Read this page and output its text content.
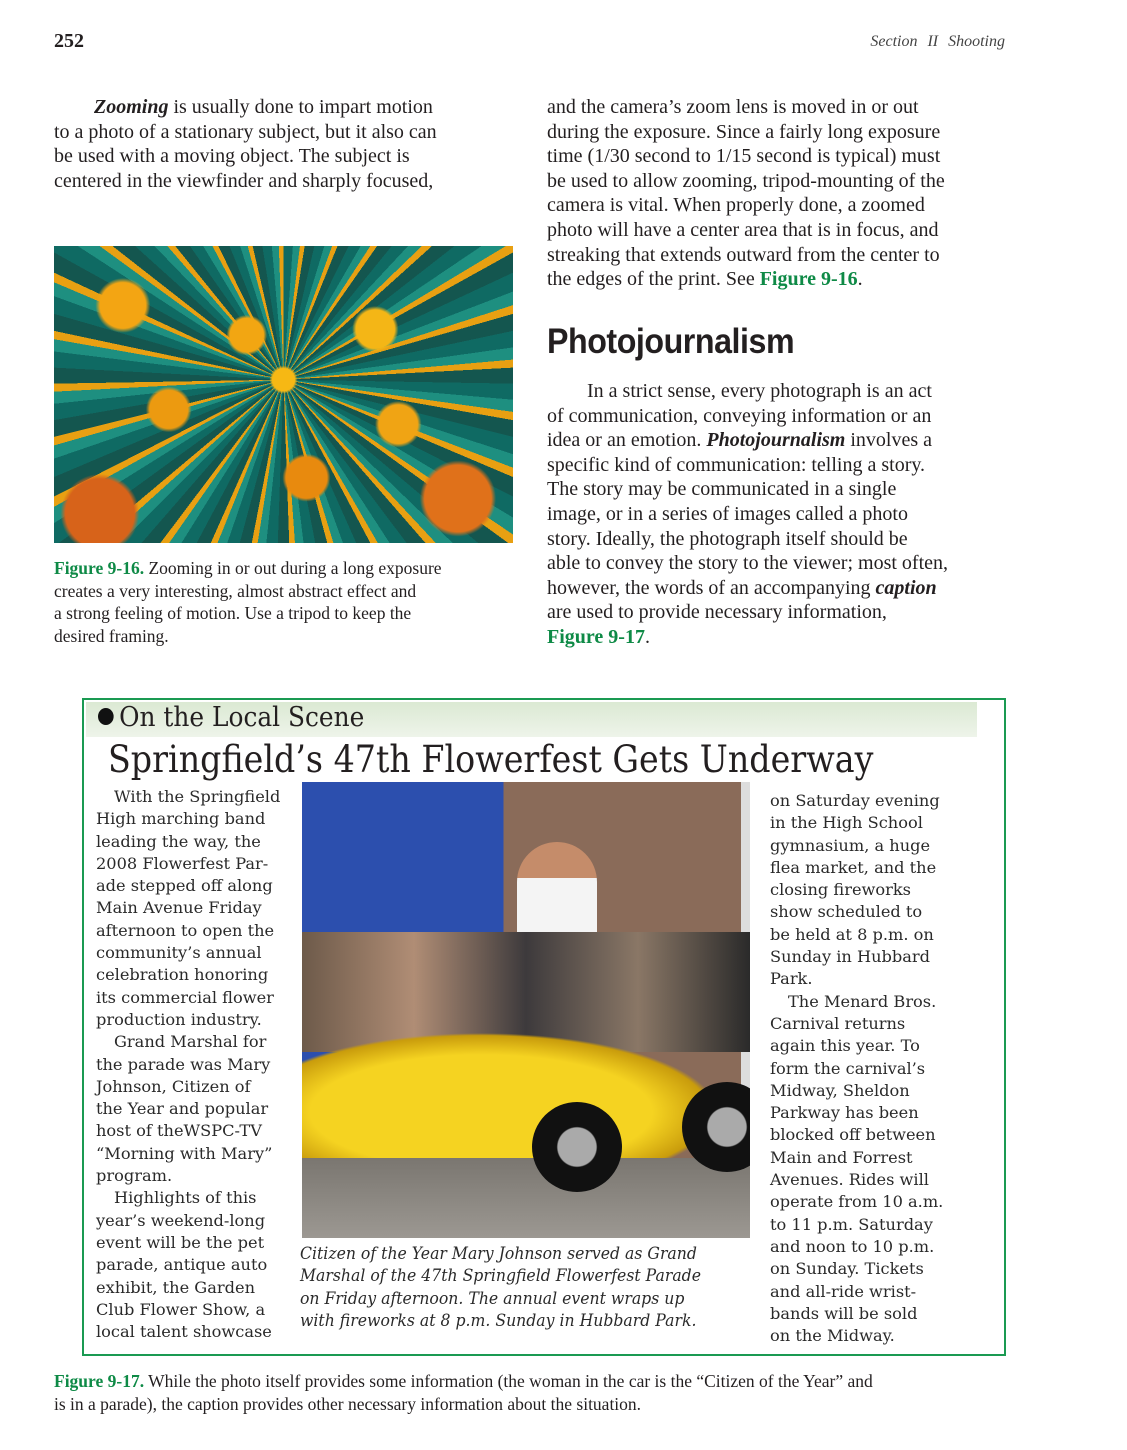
252	Section II Shooting
Zooming is usually done to impart motion
to a photo of a stationary subject, but it also can
be used with a moving object. The subject is
centered in the viewfinder and sharply focused,
and the camera’s zoom lens is moved in or out
during the exposure. Since a fairly long exposure
time (1/30 second to 1/15 second is typical) must
be used to allow zooming, tripod-mounting of the
camera is vital. When properly done, a zoomed
photo will have a center area that is in focus, and
streaking that extends outward from the center to
the edges of the print. See Figure 9-16.
Figure 9-16. Zooming in or out during a long exposure
creates a very interesting, almost abstract effect and
a strong feeling of motion. Use a tripod to keep the
desired framing.
Photojournalism
In a strict sense, every photograph is an act
of communication, conveying information or an
idea or an emotion. Photojournalism involves a
specific kind of communication: telling a story.
The story may be communicated in a single
image, or in a series of images called a photo
story. Ideally, the photograph itself should be
able to convey the story to the viewer; most often,
however, the words of an accompanying caption
are used to provide necessary information,
Figure 9-17.
On the Local Scene
Springfield’s 47th Flowerfest Gets Underway
With the Springfield
High marching band
leading the way, the
2008 Flowerfest Par-
ade stepped off along
Main Avenue Friday
afternoon to open the
community’s annual
celebration honoring
its commercial flower
production industry.
Grand Marshal for
the parade was Mary
Johnson, Citizen of
the Year and popular
host of theWSPC-TV
“Morning with Mary”
program.
Highlights of this
year’s weekend-long
event will be the pet
parade, antique auto
exhibit, the Garden
Club Flower Show, a
local talent showcase
Citizen of the Year Mary Johnson served as Grand
Marshal of the 47th Springfield Flowerfest Parade
on Friday afternoon. The annual event wraps up
with fireworks at 8 p.m. Sunday in Hubbard Park.
on Saturday evening
in the High School
gymnasium, a huge
flea market, and the
closing fireworks
show scheduled to
be held at 8 p.m. on
Sunday in Hubbard
Park.
The Menard Bros.
Carnival returns
again this year. To
form the carnival’s
Midway, Sheldon
Parkway has been
blocked off between
Main and Forrest
Avenues. Rides will
operate from 10 a.m.
to 11 p.m. Saturday
and noon to 10 p.m.
on Sunday. Tickets
and all-ride wrist-
bands will be sold
on the Midway.
Figure 9-17. While the photo itself provides some information (the woman in the car is the “Citizen of the Year” and
is in a parade), the caption provides other necessary information about the situation.
